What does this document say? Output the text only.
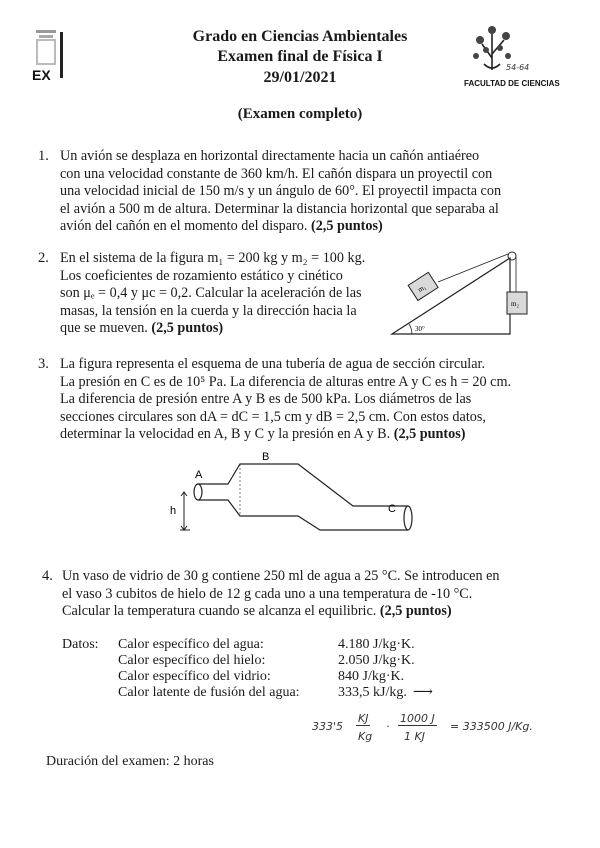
EX
Grado en Ciencias Ambientales
Examen final de Física I
29/01/2021
54-64
FACULTAD DE CIENCIAS
(Examen completo)
1. Un avión se desplaza en horizontal directamente hacia un cañón antiaéreo
con una velocidad constante de 360 km/h. El cañón dispara un proyectil con
una velocidad inicial de 150 m/s y un ángulo de 60°. El proyectil impacta con
el avión a 500 m de altura. Determinar la distancia horizontal que separaba al
avión del cañón en el momento del disparo. (2,5 puntos)
2. En el sistema de la figura m₁ = 200 kg y m₂ = 100 kg.
Los coeficientes de rozamiento estático y cinético
son μₑ = 0,4 y μc = 0,2. Calcular la aceleración de las
masas, la tensión en la cuerda y la dirección hacia la
que se mueven. (2,5 puntos)
m₁
m₂
30°
3. La figura representa el esquema de una tubería de agua de sección circular.
La presión en C es de 10⁵ Pa. La diferencia de alturas entre A y C es h = 20 cm.
La diferencia de presión entre A y B es de 500 kPa. Los diámetros de las
secciones circulares son dA = dC = 1,5 cm y dB = 2,5 cm. Con estos datos,
determinar la velocidad en A, B y C y la presión en A y B. (2,5 puntos)
h
A
B
C
4. Un vaso de vidrio de 30 g contiene 250 ml de agua a 25 °C. Se introducen en
el vaso 3 cubitos de hielo de 12 g cada uno a una temperatura de -10 °C.
Calcular la temperatura cuando se alcanza el equilibric. (2,5 puntos)
Datos: Calor específico del agua:	4.180 J/kg·K.
Calor específico del hielo:	2.050 J/kg·K.
Calor específico del vidrio:	840 J/kg·K.
Calor latente de fusión del agua:	333,5 kJ/kg. ⟶
333'5
KJ
Kg
·
1000 J
1 KJ
= 333500 J/Kg.
Duración del examen: 2 horas
